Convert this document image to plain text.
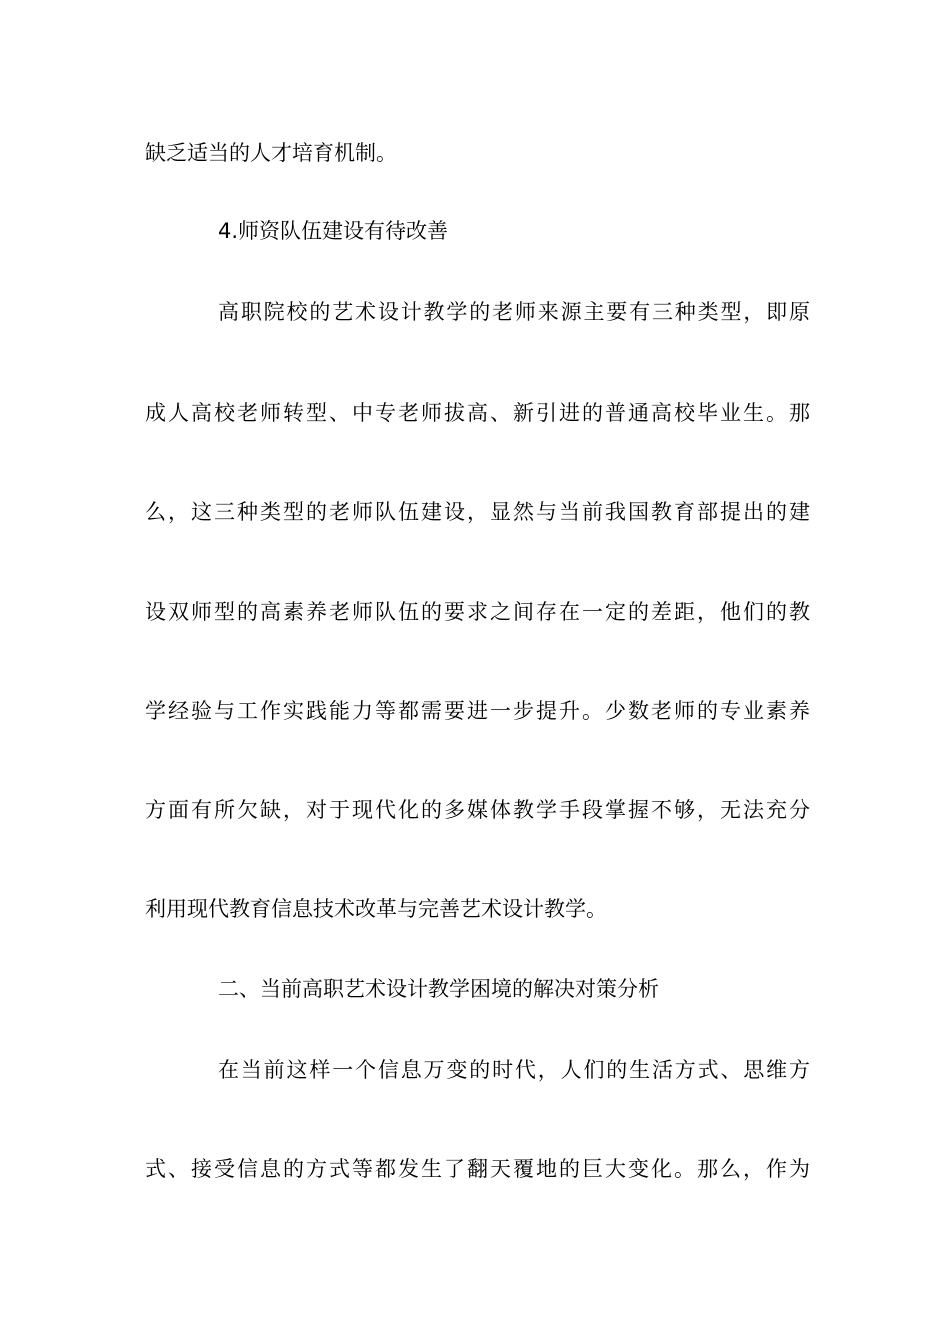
缺乏适当的人才培育机制。
4.师资队伍建设有待改善
高职院校的艺术设计教学的老师来源主要有三种类型，即原
成人高校老师转型、中专老师拔高、新引进的普通高校毕业生。那
么，这三种类型的老师队伍建设，显然与当前我国教育部提出的建
设双师型的高素养老师队伍的要求之间存在一定的差距，他们的教
学经验与工作实践能力等都需要进一步提升。少数老师的专业素养
方面有所欠缺，对于现代化的多媒体教学手段掌握不够，无法充分
利用现代教育信息技术改革与完善艺术设计教学。
二、当前高职艺术设计教学困境的解决对策分析
在当前这样一个信息万变的时代，人们的生活方式、思维方
式、接受信息的方式等都发生了翻天覆地的巨大变化。那么，作为
